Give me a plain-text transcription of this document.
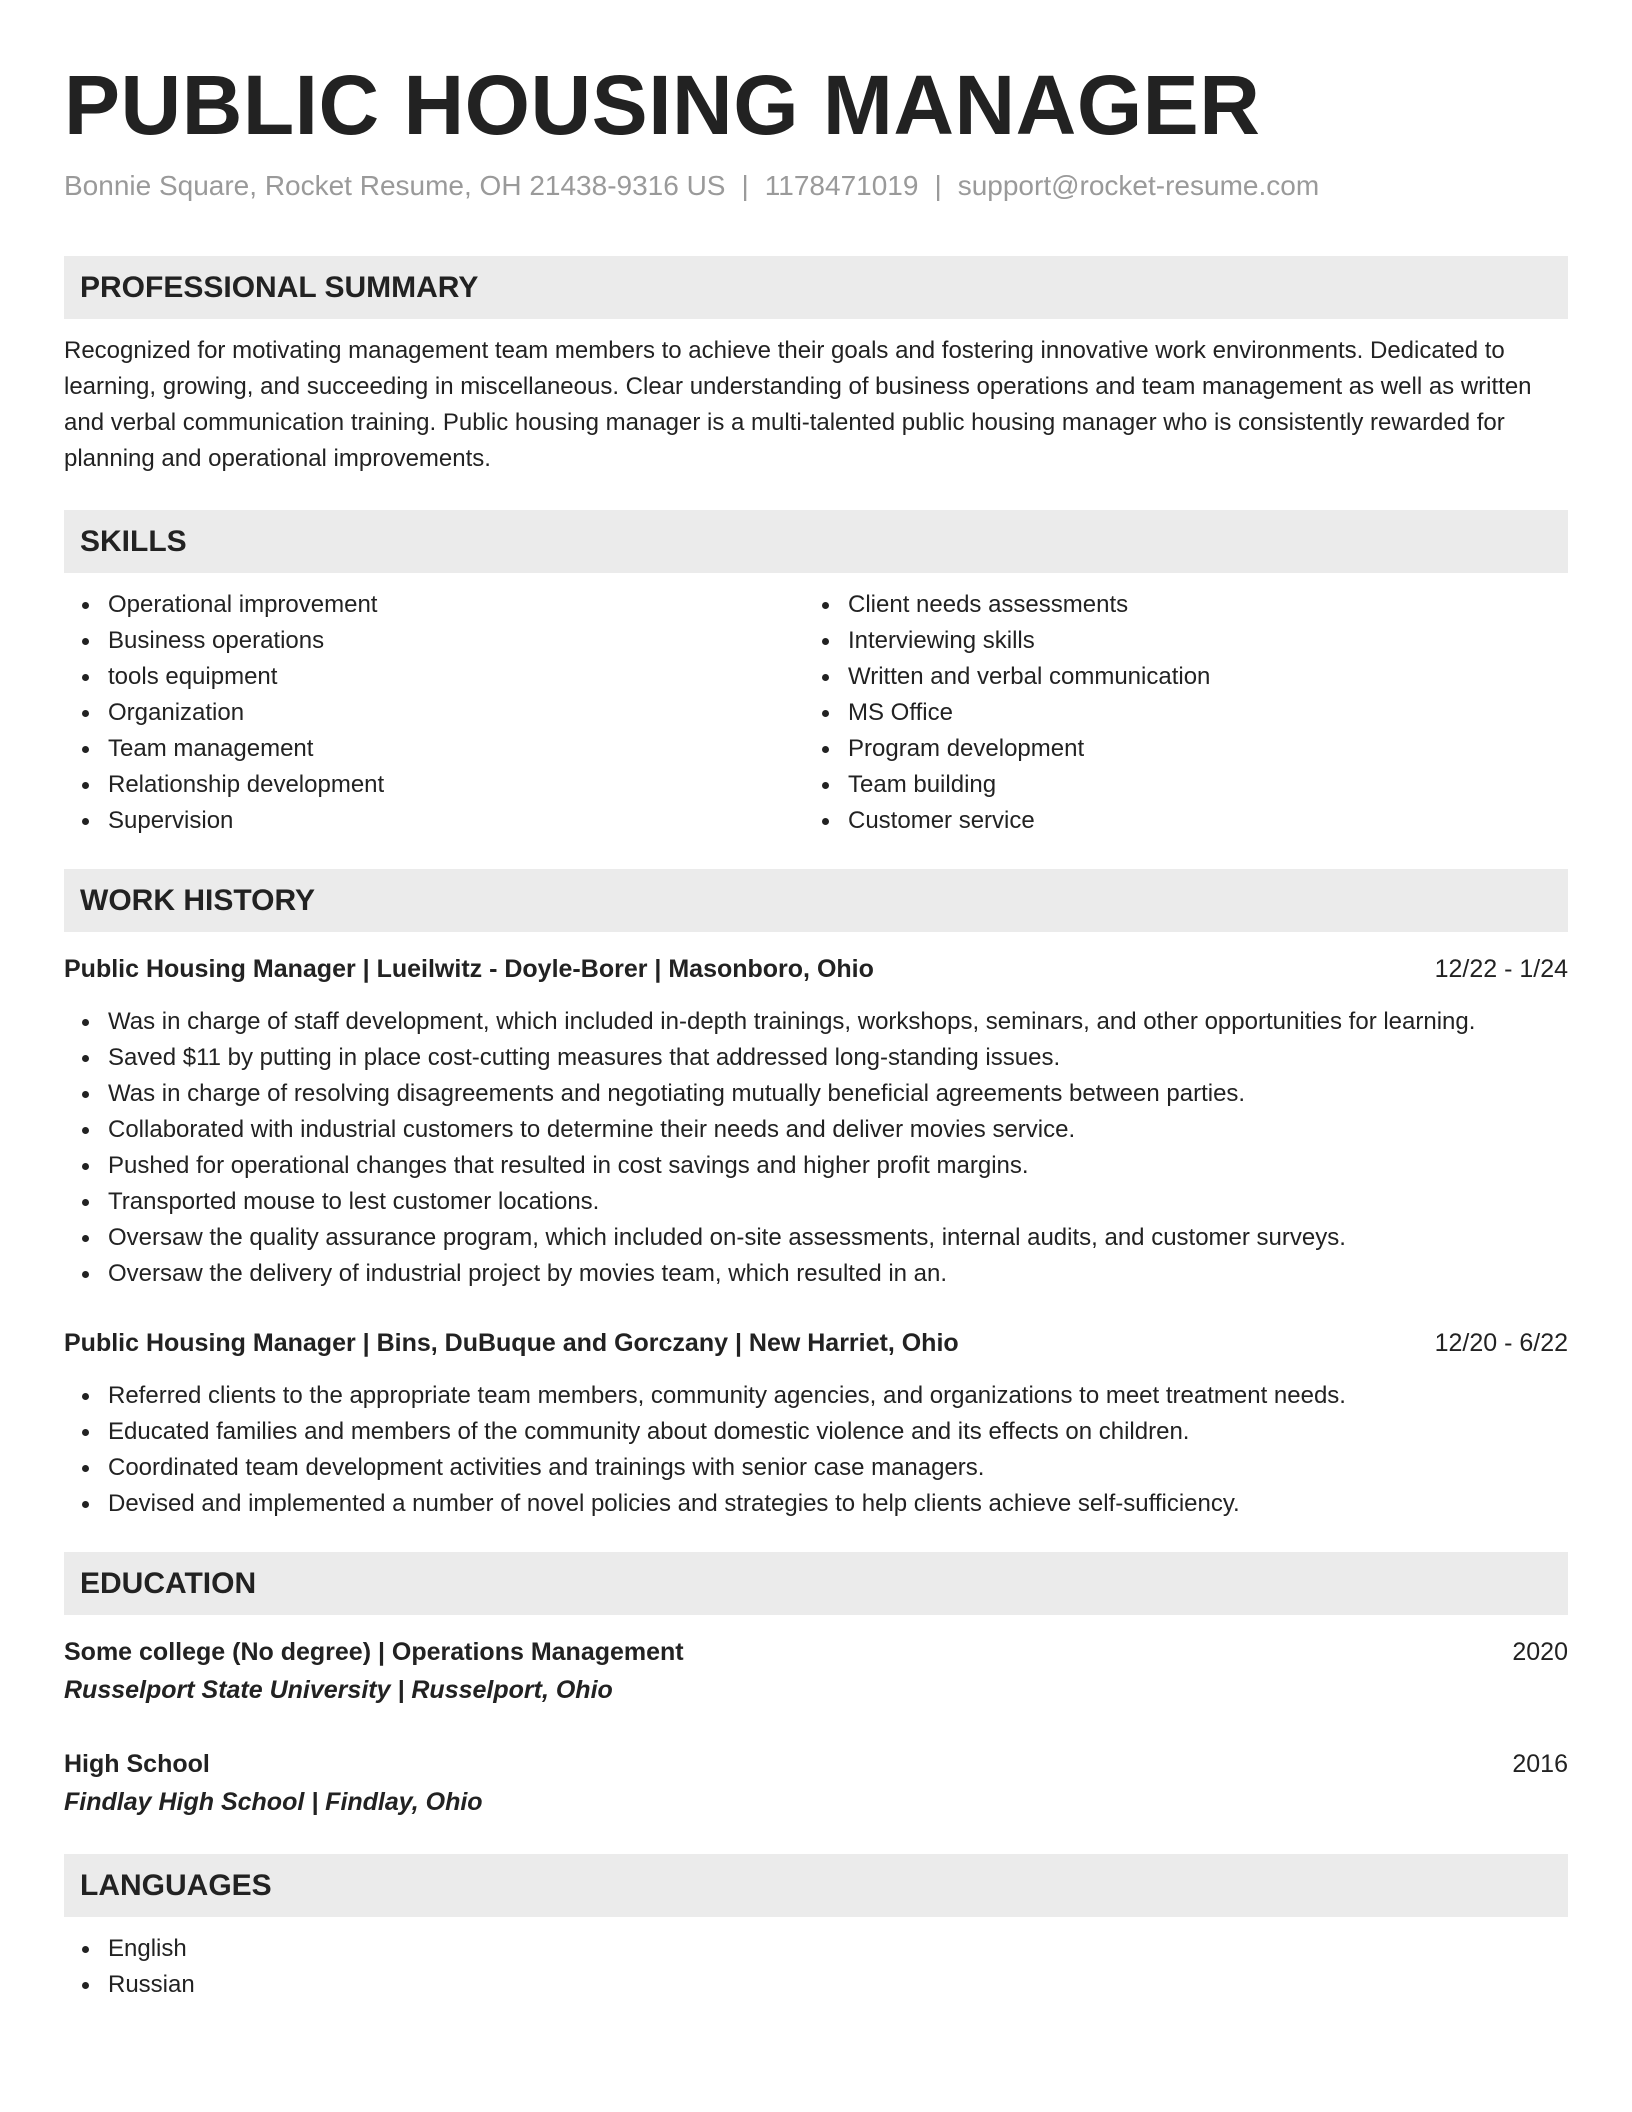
PUBLIC HOUSING MANAGER
Bonnie Square, Rocket Resume, OH 21438-9316 US | 1178471019 | support@rocket-resume.com
PROFESSIONAL SUMMARY
Recognized for motivating management team members to achieve their goals and fostering innovative work environments. Dedicated to learning, growing, and succeeding in miscellaneous. Clear understanding of business operations and team management as well as written and verbal communication training. Public housing manager is a multi-talented public housing manager who is consistently rewarded for planning and operational improvements.
SKILLS
Operational improvement
Business operations
tools equipment
Organization
Team management
Relationship development
Supervision
Client needs assessments
Interviewing skills
Written and verbal communication
MS Office
Program development
Team building
Customer service
WORK HISTORY
Public Housing Manager | Lueilwitz - Doyle-Borer | Masonboro, Ohio	12/22 - 1/24
Was in charge of staff development, which included in-depth trainings, workshops, seminars, and other opportunities for learning.
Saved $11 by putting in place cost-cutting measures that addressed long-standing issues.
Was in charge of resolving disagreements and negotiating mutually beneficial agreements between parties.
Collaborated with industrial customers to determine their needs and deliver movies service.
Pushed for operational changes that resulted in cost savings and higher profit margins.
Transported mouse to lest customer locations.
Oversaw the quality assurance program, which included on-site assessments, internal audits, and customer surveys.
Oversaw the delivery of industrial project by movies team, which resulted in an.
Public Housing Manager | Bins, DuBuque and Gorczany | New Harriet, Ohio	12/20 - 6/22
Referred clients to the appropriate team members, community agencies, and organizations to meet treatment needs.
Educated families and members of the community about domestic violence and its effects on children.
Coordinated team development activities and trainings with senior case managers.
Devised and implemented a number of novel policies and strategies to help clients achieve self-sufficiency.
EDUCATION
Some college (No degree) | Operations Management	2020
Russelport State University | Russelport, Ohio
High School	2016
Findlay High School | Findlay, Ohio
LANGUAGES
English
Russian
